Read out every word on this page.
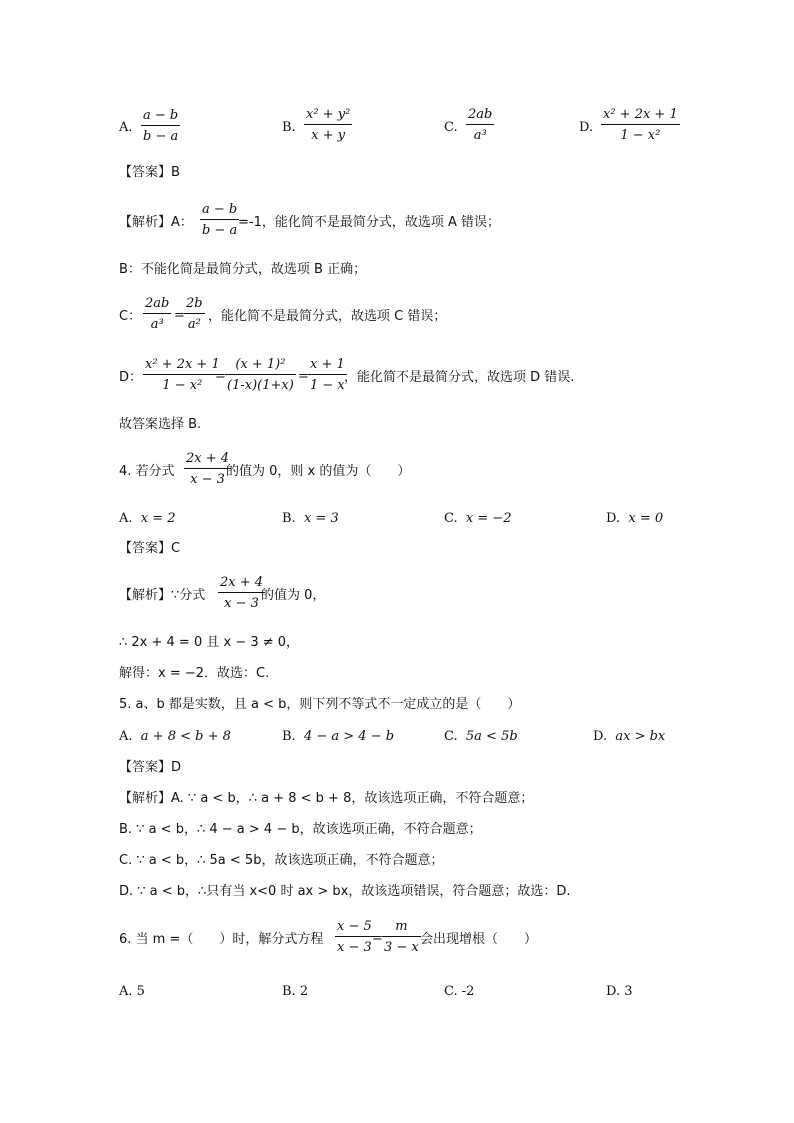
A.
a − b
b − a
B.
x² + y²
x + y
C.
2ab
a³
D.
x² + 2x + 1
1 − x²
【答案】B
【解析】A：
a − b
b − a
=-1，能化简不是最简分式，故选项 A 错误；
B：不能化简是最简分式，故选项 B 正确；
C：
2ab
a³
=
2b
a²
，能化简不是最简分式，故选项 C 错误；
D：
x² + 2x + 1
1 − x²
=
(x + 1)²
(1-x)(1+x)
=
x + 1
1 − x
，能化简不是最简分式，故选项 D 错误.
故答案选择 B.
4. 若分式
2x + 4
x − 3
的值为 0，则 x 的值为（　　）
A. x = 2	B. x = 3	C. x = −2	D. x = 0
【答案】C
【解析】∵分式
2x + 4
x − 3
的值为 0，
∴ 2x + 4 = 0 且 x − 3 ≠ 0，
解得：x = −2．故选：C.
5. a、b 都是实数，且 a < b，则下列不等式不一定成立的是（　　）
A. a + 8 < b + 8	B. 4 − a > 4 − b	C. 5a < 5b	D. ax > bx
【答案】D
【解析】A. ∵ a < b，∴ a + 8 < b + 8，故该选项正确，不符合题意；
B. ∵ a < b，∴ 4 − a > 4 − b，故该选项正确，不符合题意；
C. ∵ a < b，∴ 5a < 5b，故该选项正确，不符合题意；
D. ∵ a < b，∴只有当 x<0 时 ax > bx，故该选项错误，符合题意；故选：D.
6. 当 m =（　　）时，解分式方程
x − 5
x − 3
=
m
3 − x
会出现增根（　　）
A. 5	B. 2	C. -2	D. 3
